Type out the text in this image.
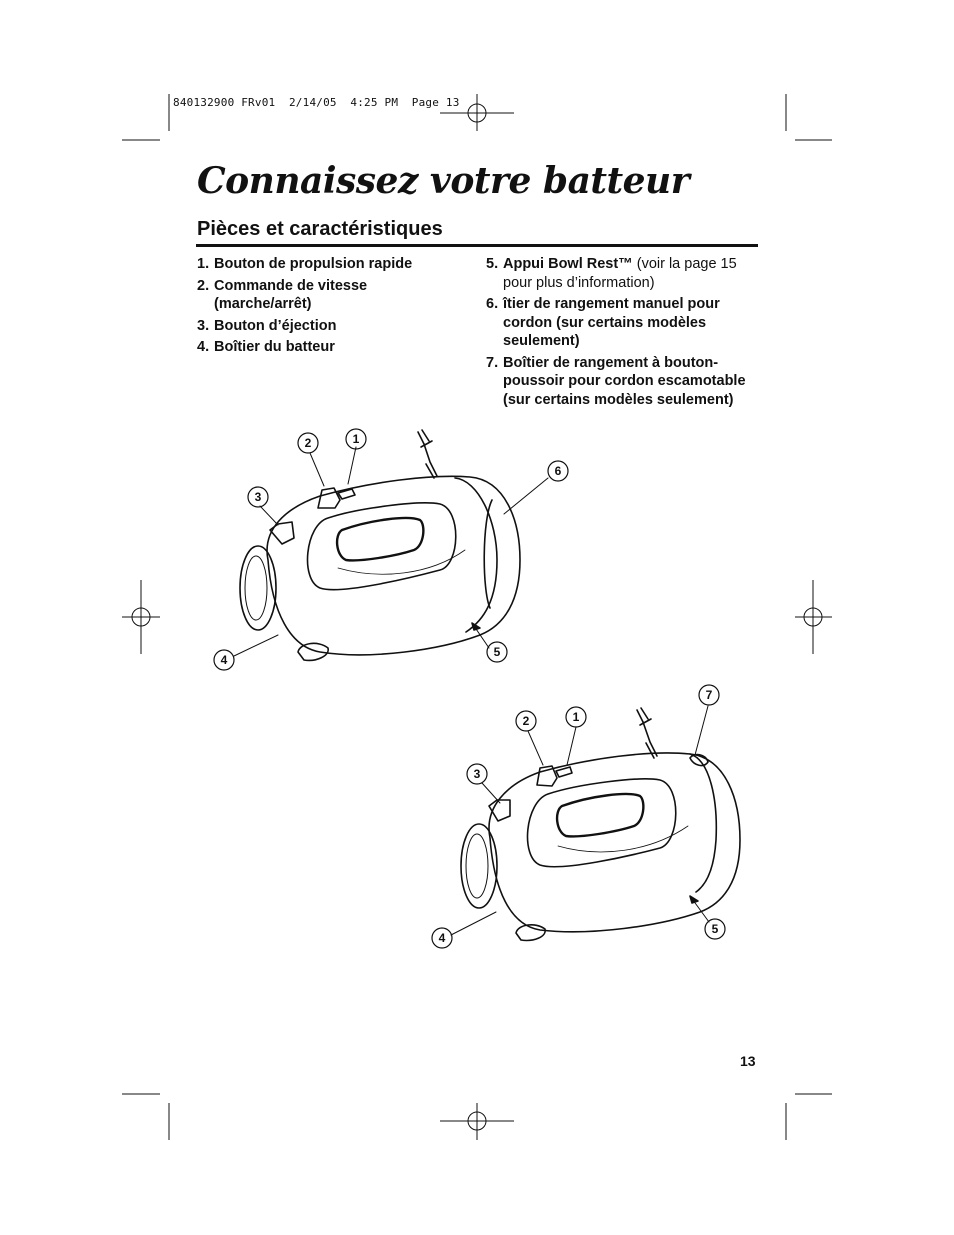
840132900 FRv01  2/14/05  4:25 PM  Page 13
Connaissez votre batteur
Pièces et caractéristiques
1. Bouton de propulsion rapide
2. Commande de vitesse (marche/arrêt)
3. Bouton d’éjection
4. Boîtier du batteur
5. Appui Bowl Rest™ (voir la page 15 pour plus d’information)
6. îtier de rangement manuel pour cordon (sur certains modèles seulement)
7. Boîtier de rangement à bouton-poussoir pour cordon escamotable (sur certains modèles seulement)
2	1
6
3
4
5
7
2	1
3
4
5
13
